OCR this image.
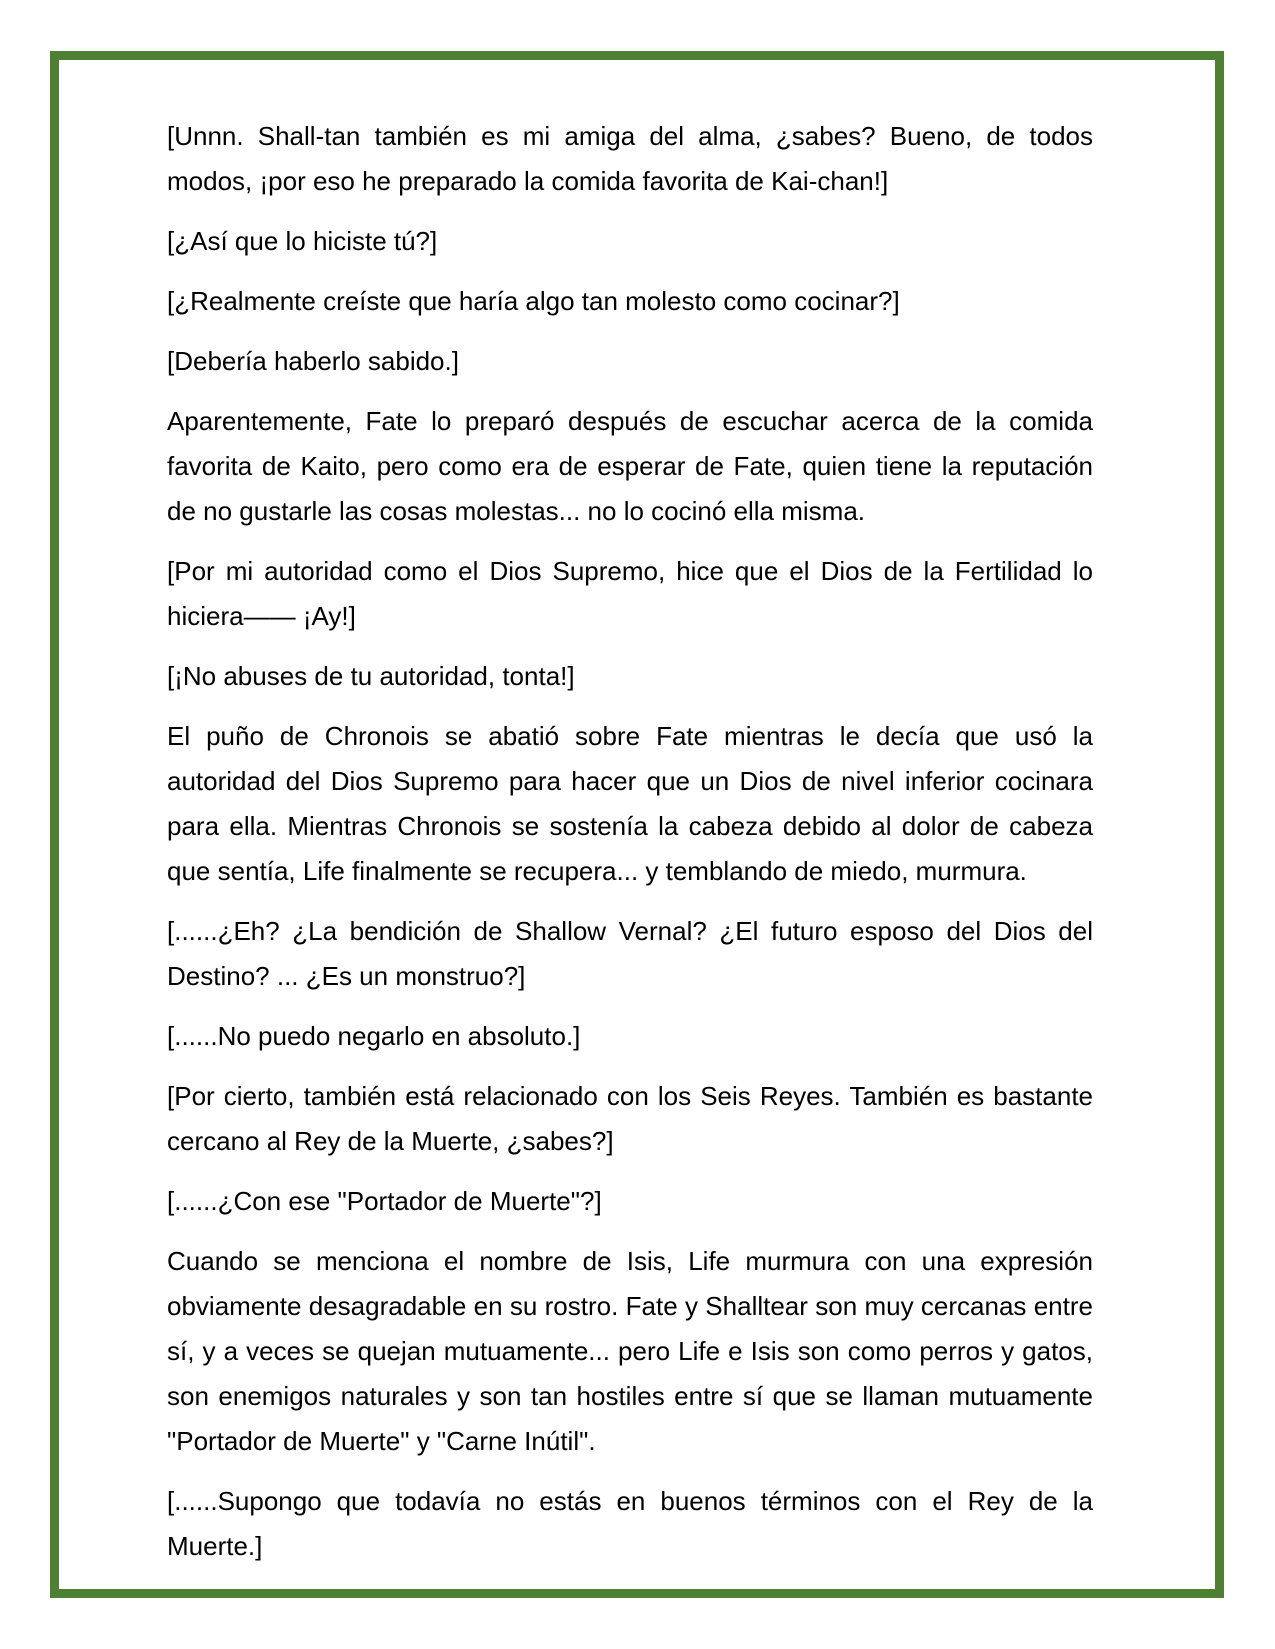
[Unnn. Shall-tan también es mi amiga del alma, ¿sabes? Bueno, de todos modos, ¡por eso he preparado la comida favorita de Kai-chan!]

[¿Así que lo hiciste tú?]

[¿Realmente creíste que haría algo tan molesto como cocinar?]

[Debería haberlo sabido.]

Aparentemente, Fate lo preparó después de escuchar acerca de la comida favorita de Kaito, pero como era de esperar de Fate, quien tiene la reputación de no gustarle las cosas molestas... no lo cocinó ella misma.

[Por mi autoridad como el Dios Supremo, hice que el Dios de la Fertilidad lo hiciera—— ¡Ay!]

[¡No abuses de tu autoridad, tonta!]

El puño de Chronois se abatió sobre Fate mientras le decía que usó la autoridad del Dios Supremo para hacer que un Dios de nivel inferior cocinara para ella. Mientras Chronois se sostenía la cabeza debido al dolor de cabeza que sentía, Life finalmente se recupera... y temblando de miedo, murmura.

[......¿Eh? ¿La bendición de Shallow Vernal? ¿El futuro esposo del Dios del Destino? ... ¿Es un monstruo?]

[......No puedo negarlo en absoluto.]

[Por cierto, también está relacionado con los Seis Reyes. También es bastante cercano al Rey de la Muerte, ¿sabes?]

[......¿Con ese "Portador de Muerte"?]

Cuando se menciona el nombre de Isis, Life murmura con una expresión obviamente desagradable en su rostro. Fate y Shalltear son muy cercanas entre sí, y a veces se quejan mutuamente... pero Life e Isis son como perros y gatos, son enemigos naturales y son tan hostiles entre sí que se llaman mutuamente "Portador de Muerte" y "Carne Inútil".

[......Supongo que todavía no estás en buenos términos con el Rey de la Muerte.]
